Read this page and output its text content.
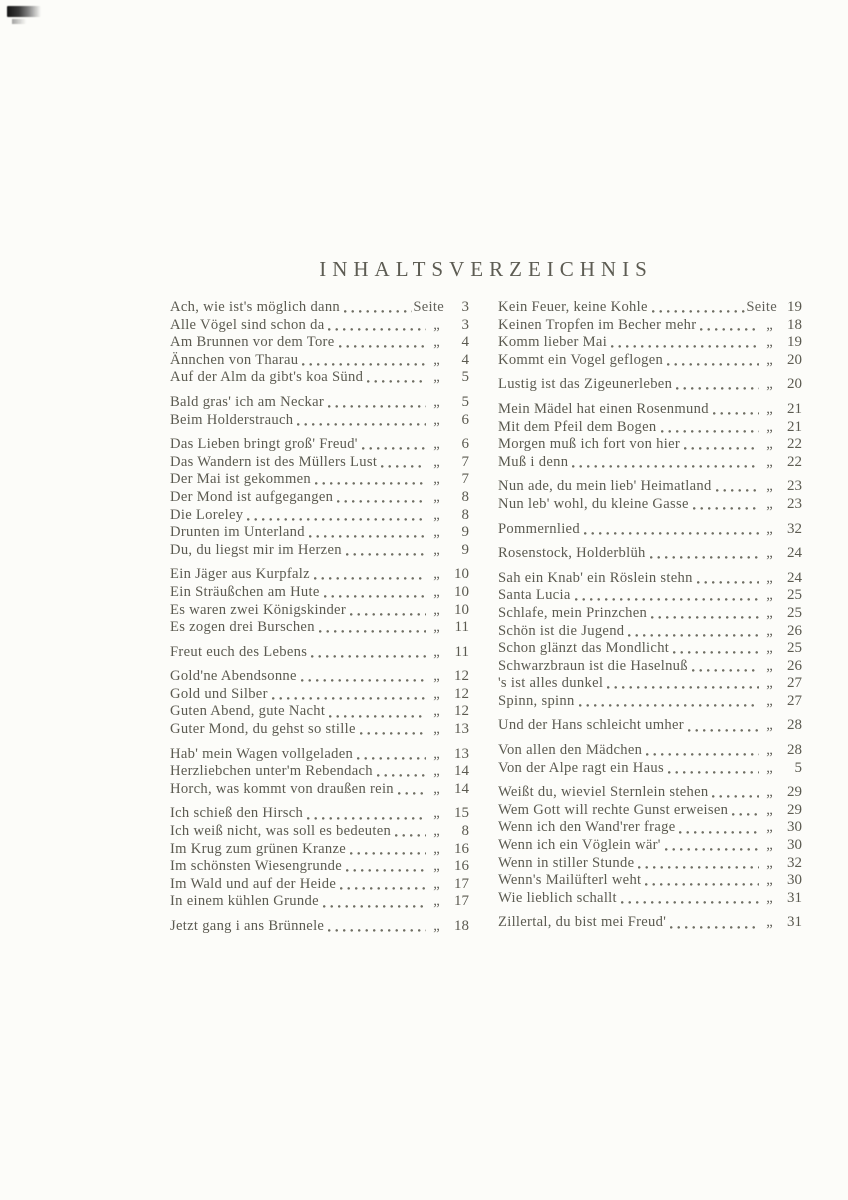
INHALTSVERZEICHNIS
Ach, wie ist's möglich dann	Seite	3
Alle Vögel sind schon da	„	3
Am Brunnen vor dem Tore	„	4
Ännchen von Tharau	„	4
Auf der Alm da gibt's koa Sünd	„	5
Bald gras' ich am Neckar	„	5
Beim Holderstrauch	„	6
Das Lieben bringt groß' Freud'	„	6
Das Wandern ist des Müllers Lust	„	7
Der Mai ist gekommen	„	7
Der Mond ist aufgegangen	„	8
Die Loreley	„	8
Drunten im Unterland	„	9
Du, du liegst mir im Herzen	„	9
Ein Jäger aus Kurpfalz	„ 10
Ein Sträußchen am Hute	„ 10
Es waren zwei Königskinder	„ 10
Es zogen drei Burschen	„ 11
Freut euch des Lebens	„ 11
Gold'ne Abendsonne	„ 12
Gold und Silber	„ 12
Guten Abend, gute Nacht	„ 12
Guter Mond, du gehst so stille	„ 13
Hab' mein Wagen vollgeladen	„ 13
Herzliebchen unter'm Rebendach	„ 14
Horch, was kommt von draußen rein	„ 14
Ich schieß den Hirsch	„ 15
Ich weiß nicht, was soll es bedeuten	„	8
Im Krug zum grünen Kranze	„ 16
Im schönsten Wiesengrunde	„ 16
Im Wald und auf der Heide	„ 17
In einem kühlen Grunde	„ 17
Jetzt gang i ans Brünnele	„ 18
Kein Feuer, keine Kohle	Seite 19
Keinen Tropfen im Becher mehr	„ 18
Komm lieber Mai	„ 19
Kommt ein Vogel geflogen	„ 20
Lustig ist das Zigeunerleben	„ 20
Mein Mädel hat einen Rosenmund	„ 21
Mit dem Pfeil dem Bogen	„ 21
Morgen muß ich fort von hier	„ 22
Muß i denn	„ 22
Nun ade, du mein lieb' Heimatland	„ 23
Nun leb' wohl, du kleine Gasse	„ 23
Pommernlied	„ 32
Rosenstock, Holderblüh	„ 24
Sah ein Knab' ein Röslein stehn	„ 24
Santa Lucia	„ 25
Schlafe, mein Prinzchen	„ 25
Schön ist die Jugend	„ 26
Schon glänzt das Mondlicht	„ 25
Schwarzbraun ist die Haselnuß	„ 26
's ist alles dunkel	„ 27
Spinn, spinn	„ 27
Und der Hans schleicht umher	„ 28
Von allen den Mädchen	„ 28
Von der Alpe ragt ein Haus	„	5
Weißt du, wieviel Sternlein stehen	„ 29
Wem Gott will rechte Gunst erweisen	„ 29
Wenn ich den Wand'rer frage	„ 30
Wenn ich ein Vöglein wär'	„ 30
Wenn in stiller Stunde	„ 32
Wenn's Mailüfterl weht	„ 30
Wie lieblich schallt	„ 31
Zillertal, du bist mei Freud'	„ 31
